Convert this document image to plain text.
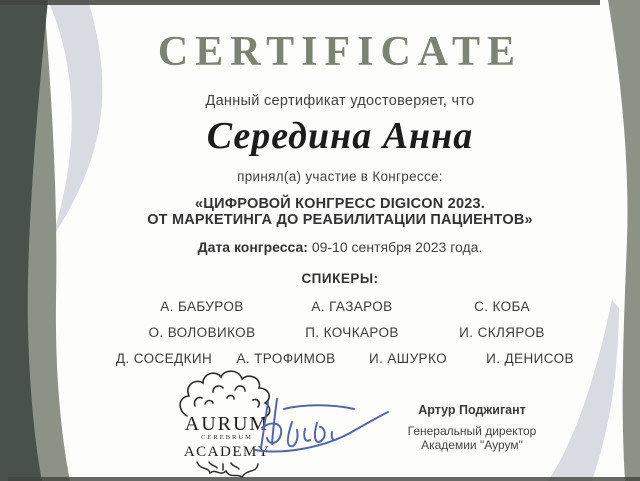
CERTIFICATE

Данный сертификат удостоверяет, что

Середина Анна

принял(а) участие в Конгрессе:

«ЦИФРОВОЙ КОНГРЕСС DIGICON 2023.
ОТ МАРКЕТИНГА ДО РЕАБИЛИТАЦИИ ПАЦИЕНТОВ»

Дата конгресса: 09-10 сентября 2023 года.

СПИКЕРЫ:

А. БАБУРОВ	А. ГАЗАРОВ	С. КОБА
О. ВОЛОВИКОВ	П. КОЧКАРОВ	И. СКЛЯРОВ
Д. СОСЕДКИН	А. ТРОФИМОВ	И. АШУРКО	И. ДЕНИСОВ
AURUM
CEREBRUM
ACADEMY

Артур Поджигант

Генеральный директор
Академии "Аурум"
